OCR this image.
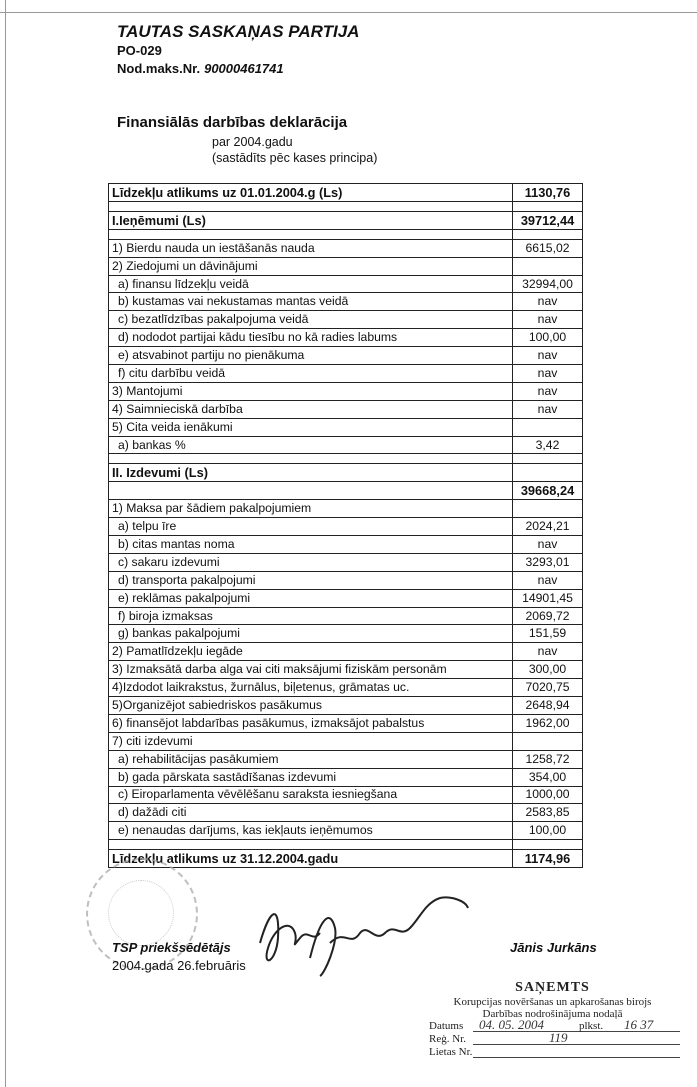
TAUTAS SASKAŅAS PARTIJA
PO-029
Nod.maks.Nr. 90000461741
Finansiālās darbības deklarācija
par 2004.gadu
(sastādīts pēc kases principa)
Līdzekļu atlikums uz 01.01.2004.g (Ls)	1130,76

I.Ieņēmumi (Ls)	39712,44

1) Bierdu nauda un iestāšanās nauda	6615,02
2) Ziedojumi un dāvinājumi	
a) finansu līdzekļu veidā	32994,00
b) kustamas vai nekustamas mantas veidā	nav
c) bezatlīdzības pakalpojuma veidā	nav
d) nododot partijai kādu tiesību no kā radies labums	100,00
e) atsvabinot partiju no pienākuma	nav
f) citu darbību veidā	nav
3) Mantojumi	nav
4) Saimnieciskā darbība	nav
5) Cita veida ienākumi	
a) bankas %	3,42

II. Izdevumi (Ls)	
	39668,24
1) Maksa par šādiem pakalpojumiem	
a) telpu īre	2024,21
b) citas mantas noma	nav
c) sakaru izdevumi	3293,01
d) transporta pakalpojumi	nav
e) reklāmas pakalpojumi	14901,45
f) biroja izmaksas	2069,72
g) bankas pakalpojumi	151,59
2) Pamatlīdzekļu iegāde	nav
3) Izmaksātā darba alga vai citi maksājumi fiziskām personām	300,00
4)Izdodot laikrakstus, žurnālus, biļetenus, grāmatas uc.	7020,75
5)Organizējot sabiedriskos pasākumus	2648,94
6) finansējot labdarības pasākumus, izmaksājot pabalstus	1962,00
7) citi izdevumi	
a) rehabilitācijas pasākumiem	1258,72
b) gada pārskata sastādīšanas izdevumi	354,00
c) Eiroparlamenta vēvēlēšanu saraksta iesniegšana	1000,00
d) dažādi citi	2583,85
e) nenaudas darījums, kas iekļauts ieņēmumos	100,00

Līdzekļu atlikums uz 31.12.2004.gadu	1174,96
TSP priekšsēdētājs
2004.gada 26.februāris
Jānis Jurkāns
SAŅEMTS
Korupcijas novēršanas un apkarošanas birojs
Darbības nodrošinājuma nodaļā
Datums 04. 05. 2004	plkst. 16 37
Reģ. Nr.	119
Lietas Nr.
